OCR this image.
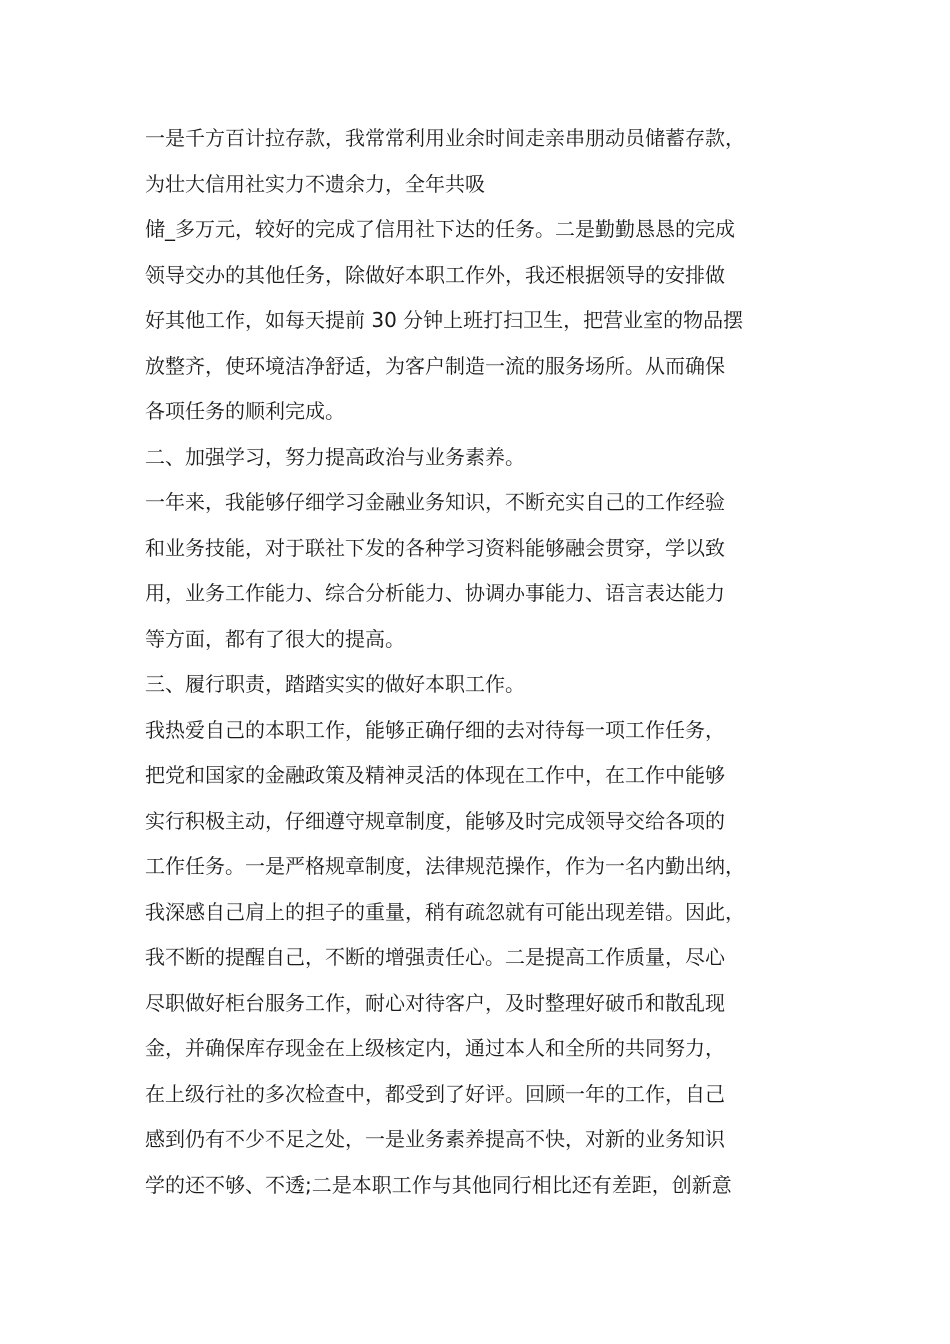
一是千方百计拉存款，我常常利用业余时间走亲串朋动员储蓄存款，
为壮大信用社实力不遗余力，全年共吸
储_多万元，较好的完成了信用社下达的任务。二是勤勤恳恳的完成
领导交办的其他任务，除做好本职工作外，我还根据领导的安排做
好其他工作，如每天提前 30 分钟上班打扫卫生，把营业室的物品摆
放整齐，使环境洁净舒适，为客户制造一流的服务场所。从而确保
各项任务的顺利完成。
二、加强学习，努力提高政治与业务素养。
一年来，我能够仔细学习金融业务知识，不断充实自己的工作经验
和业务技能，对于联社下发的各种学习资料能够融会贯穿，学以致
用，业务工作能力、综合分析能力、协调办事能力、语言表达能力
等方面，都有了很大的提高。
三、履行职责，踏踏实实的做好本职工作。
我热爱自己的本职工作，能够正确仔细的去对待每一项工作任务，
把党和国家的金融政策及精神灵活的体现在工作中，在工作中能够
实行积极主动，仔细遵守规章制度，能够及时完成领导交给各项的
工作任务。一是严格规章制度，法律规范操作，作为一名内勤出纳，
我深感自己肩上的担子的重量，稍有疏忽就有可能出现差错。因此，
我不断的提醒自己，不断的增强责任心。二是提高工作质量，尽心
尽职做好柜台服务工作，耐心对待客户，及时整理好破币和散乱现
金，并确保库存现金在上级核定内，通过本人和全所的共同努力，
在上级行社的多次检查中，都受到了好评。回顾一年的工作，自己
感到仍有不少不足之处，一是业务素养提高不快，对新的业务知识
学的还不够、不透;二是本职工作与其他同行相比还有差距，创新意
